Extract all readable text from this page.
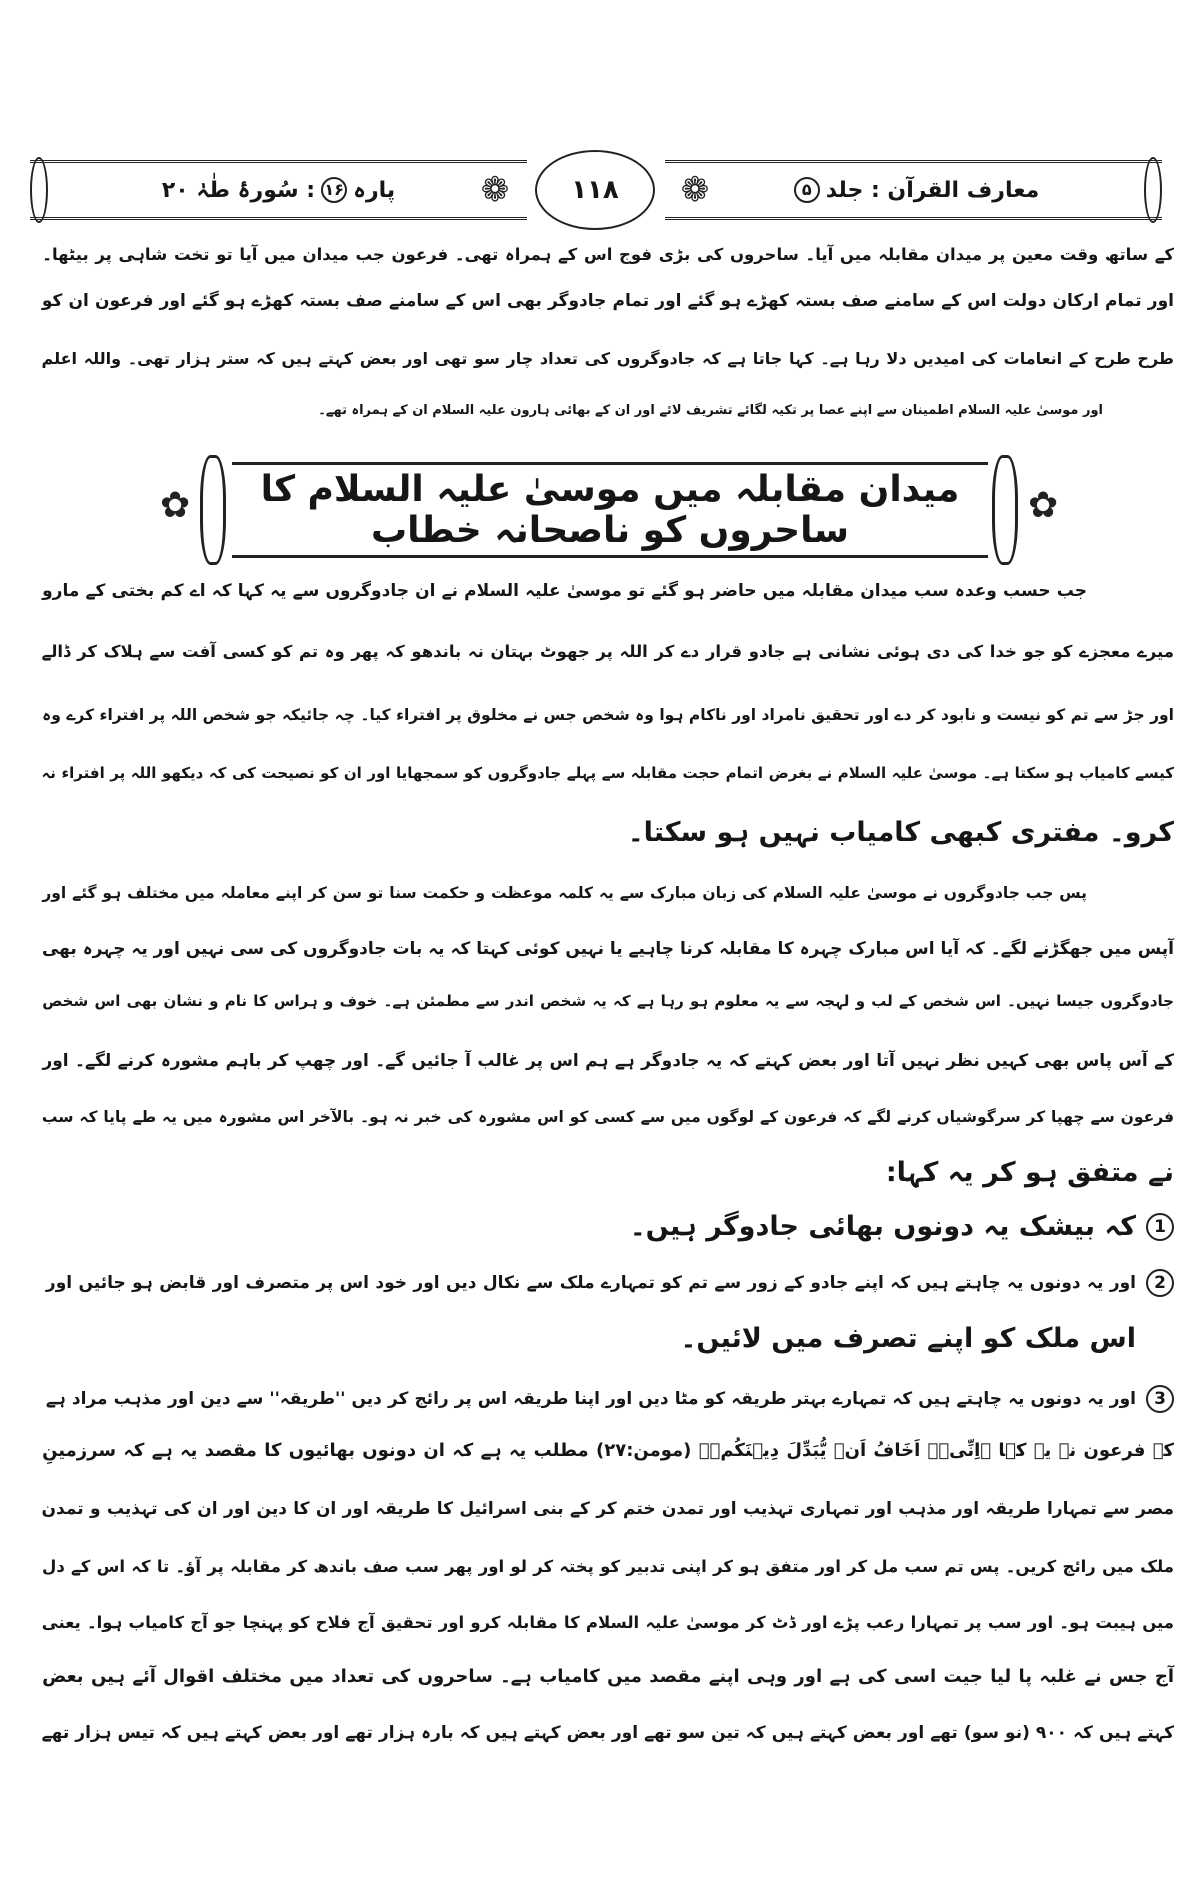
معارف القرآن : جلد
۵
❁	❁
۱۱۸
پارہ
۱۶
: سُورۂ طٰہٰ ۲۰
کے ساتھ وقت معین پر میدان مقابلہ میں آیا۔ ساحروں کی بڑی فوج اس کے ہمراہ تھی۔ فرعون جب میدان میں آیا تو تخت شاہی پر بیٹھا۔
اور تمام ارکان دولت اس کے سامنے صف بستہ کھڑے ہو گئے اور تمام جادوگر بھی اس کے سامنے صف بستہ کھڑے ہو گئے اور فرعون ان کو
طرح طرح کے انعامات کی امیدیں دلا رہا ہے۔ کہا جاتا ہے کہ جادوگروں کی تعداد چار سو تھی اور بعض کہتے ہیں کہ ستر ہزار تھی۔ واللہ اعلم
اور موسیٰ علیہ السلام اطمینان سے اپنے عصا پر تکیہ لگائے تشریف لائے اور ان کے بھائی ہارون علیہ السلام ان کے ہمراہ تھے۔
✿	میدان مقابلہ میں موسیٰ علیہ السلام کا ساحروں کو ناصحانہ خطاب
✿
جب حسب وعدہ سب میدان مقابلہ میں حاضر ہو گئے تو موسیٰ علیہ السلام نے ان جادوگروں سے یہ کہا کہ اے کم بختی کے مارو
میرے معجزے کو جو خدا کی دی ہوئی نشانی ہے جادو قرار دے کر اللہ پر جھوٹ بہتان نہ باندھو کہ پھر وہ تم کو کسی آفت سے ہلاک کر ڈالے
اور جڑ سے تم کو نیست و نابود کر دے اور تحقیق نامراد اور ناکام ہوا وہ شخص جس نے مخلوق پر افتراء کیا۔ چہ جائیکہ جو شخص اللہ پر افتراء کرے وہ
کیسے کامیاب ہو سکتا ہے۔ موسیٰ علیہ السلام نے بغرض اتمام حجت مقابلہ سے پہلے جادوگروں کو سمجھایا اور ان کو نصیحت کی کہ دیکھو اللہ پر افتراء نہ
کرو۔ مفتری کبھی کامیاب نہیں ہو سکتا۔
پس جب جادوگروں نے موسیٰ علیہ السلام کی زبان مبارک سے یہ کلمہ موعظت و حکمت سنا تو سن کر اپنے معاملہ میں مختلف ہو گئے اور
آپس میں جھگڑنے لگے۔ کہ آیا اس مبارک چہرہ کا مقابلہ کرنا چاہیے یا نہیں کوئی کہتا کہ یہ بات جادوگروں کی سی نہیں اور یہ چہرہ بھی
جادوگروں جیسا نہیں۔ اس شخص کے لب و لہجہ سے یہ معلوم ہو رہا ہے کہ یہ شخص اندر سے مطمئن ہے۔ خوف و ہراس کا نام و نشان بھی اس شخص
کے آس پاس بھی کہیں نظر نہیں آتا اور بعض کہتے کہ یہ جادوگر ہے ہم اس پر غالب آ جائیں گے۔ اور چھپ کر باہم مشورہ کرنے لگے۔ اور
فرعون سے چھپا کر سرگوشیاں کرنے لگے کہ فرعون کے لوگوں میں سے کسی کو اس مشورہ کی خبر نہ ہو۔ بالآخر اس مشورہ میں یہ طے پایا کہ سب
نے متفق ہو کر یہ کہا:
1کہ بیشک یہ دونوں بھائی جادوگر ہیں۔
2اور یہ دونوں یہ چاہتے ہیں کہ اپنے جادو کے زور سے تم کو تمہارے ملک سے نکال دیں اور خود اس پر متصرف اور قابض ہو جائیں اور
اس ملک کو اپنے تصرف میں لائیں۔
3اور یہ دونوں یہ چاہتے ہیں کہ تمہارے بہتر طریقہ کو مٹا دیں اور اپنا طریقہ اس پر رائج کر دیں ''طریقہ'' سے دین اور مذہب مراد ہے
کہ فرعون نے یہ کہا ﴿اِنِّیۡۤ اَخَافُ اَنۡ یُّبَدِّلَ دِیۡنَكُمۡ﴾ (مومن:۲۷) مطلب یہ ہے کہ ان دونوں بھائیوں کا مقصد یہ ہے کہ سرزمینِ
مصر سے تمہارا طریقہ اور مذہب اور تمہاری تہذیب اور تمدن ختم کر کے بنی اسرائیل کا طریقہ اور ان کا دین اور ان کی تہذیب و تمدن
ملک میں رائج کریں۔ پس تم سب مل کر اور متفق ہو کر اپنی تدبیر کو پختہ کر لو اور پھر سب صف باندھ کر مقابلہ پر آؤ۔ تا کہ اس کے دل
میں ہیبت ہو۔ اور سب پر تمہارا رعب پڑے اور ڈٹ کر موسیٰ علیہ السلام کا مقابلہ کرو اور تحقیق آج فلاح کو پہنچا جو آج کامیاب ہوا۔ یعنی
آج جس نے غلبہ پا لیا جیت اسی کی ہے اور وہی اپنے مقصد میں کامیاب ہے۔ ساحروں کی تعداد میں مختلف اقوال آئے ہیں بعض
کہتے ہیں کہ ۹۰۰ (نو سو) تھے اور بعض کہتے ہیں کہ تین سو تھے اور بعض کہتے ہیں کہ بارہ ہزار تھے اور بعض کہتے ہیں کہ تیس ہزار تھے
